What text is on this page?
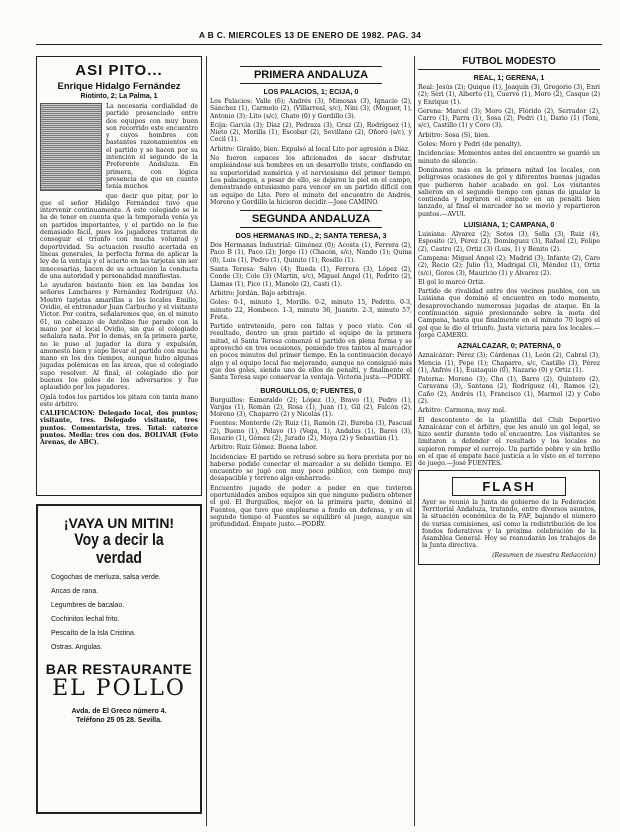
A B C. MIERCOLES 13 DE ENERO DE 1982. PAG. 34
ASI PITO...
Enrique Hidalgo Fernández
Riotinto, 2; La Palma, 1

La necesaria cordialidad de partido presenciado entre dos equipos con muy buen son recorrido este encuentro y cuyos hombres con bastantes razonamientos en el partido y se hacen por su intención el segundo de la Preferente Andaluza. En primera, con lógica presencia de que en cuanto tenía muchos

que decir que pitar, por lo que el señor Hidalgo Fernández tuvo que intervenir continuamente. A este colegiado se le ha de tener en cuenta que la temporada venía ya en partidos importantes, y el partido no le fue demasiado fácil, pues los jugadores trataron de conseguir el triunfo con mucha voluntad y deportividad. Su actuación resultó acertada en líneas generales, la perfecta forma de aplicar la ley de la ventaja y el acierto en las tarjetas sin ser innecesarias, hacen de su actuación la conducta de una autoridad y personalidad manifiestas.

Le ayudaron bastante bien en las bandas los señores Lanchares y Fernández Rodríguez (A). Mostró tarjetas amarillas a los locales Emilio, Ovidio, el entrenador Juan Carbucho y el visitante Victor. Por contra, señalaremos que, en el minuto 61, un cabezazo de Antolino fue parado con la mano por el local Ovidio, sin que el colegiado señalara nada. Por lo demás, en la primera parte, no le puso al jugador la dura y expulsión, amonestó bien y supo llevar el partido con mucha mano en los dos tiempos, aunque hubo algunas jugadas polémicas en las áreas, que el colegiado supo resolver. Al final, el colegiado dio por buenos los goles de los adversarios y fue aplaudido por los jugadores.

Ojalá todos los partidos los pitara con tanta mano este árbitro.

CALIFICACION: Delegado local, dos puntos; visitante, tres. Delegado visitante, tres puntos. Comentarista, tres. Total: catorce puntos. Media: tres con dos. BOLIVAR (Foto Arenas, de ABC).

¡VAYA UN MITIN!
Voy a decir la verdad
Cogochas de merluza, salsa verde.
Ancas de rana.
Legumbres de bacalao.
Cochinitos lechal frito.
Pescaíto de la Isla Cristina.
Ostras. Angulas.
BAR RESTAURANTE
EL POLLO
Avda. de El Greco número 4.
Teléfono 25 05 28. Sevilla.
PRIMERA ANDALUZA
LOS PALACIOS, 1; ECIJA, 0

Los Palacios: Valle (6); Andrés (3), Mimosas (3), Ignacio (2), Sánchez (1), Carmelo (2), (Villarreal, s/c), Nini (3), (Moguer, 1), Antonio (3); Lito (s/c), Chato (0) y Gordillo (3).

Ecija: García (3); Díaz (2), Pedraza (3), Cruz (2), Rodríguez (1), Nieto (2), Morilla (1), Escobar (2), Sevillano (2), Oñoro (s/c), y Cecil (1).

Arbitro: Giraldo, bien. Expulsó al local Lito por agresión a Díaz.

No fueron capaces los aficionados de sacar disfrutar, empleándose sus hombres en un desarrollo triste, confiando en su superioridad numérica y el nerviosismo del primer tiempo. Los palaciegos, a pesar de ello, se dejaron la piel en el campo, demostrando entusiasmo para vencer en un partido difícil con un equipo de Lito. Pero el minuto del encuentro de Andrés, Moreno y Gordillo la hicieron decidir.—Jose CAMINO.

SEGUNDA ANDALUZA
DOS HERMANAS IND., 2; SANTA TERESA, 3

Dos Hermanas Industrial: Giménez (0); Acosta (1), Ferrera (2), Paco B (1), Paco (2); Jorge (1) (Chacón, s/c), Nando (1); Quina (0), Luis (1), Pedro (1), Quinito (1), Rosillo (1).

Santa Teresa: Salvo (4); Rueda (1), Ferrera (3), López (2), Conde (3); Cole (3) (Martín, s/c), Miguel Angel (1), Pedrito (2), Llamas (1), Pico (1), Manolo (2), Casti (1).

Arbitro: Jordán. Bajo arbitraje.

Goles: 0-1, minuto 1, Morillo. 0-2, minuto 15, Pedrito. 0-3, minuto 22, Hombeco. 1-3, minuto 36, Juanito. 2-3, minuto 57, Freta.

Partido entretenido, pero con faltas y poco visto. Con el resultado, dentro un gran partido el equipo de la primera mitad, el Santa Teresa comenzó el partido en plena forma y se aprovechó en tres ocasiones, poniendo tres tantos al marcador en pocos minutos del primer tiempo. En la continuación decayó algo y el equipo local fue mejorando, aunque no consiguió más que dos goles, siendo uno de ellos de penalti, y finalmente el Santa Teresa supo conservar la ventaja. Victoria justa.—PODRY.

BURGUILLOS, 0; FUENTES, 0

Burguillos: Esmeraldo (2); López (1), Bravo (1), Pedro (1), Vargas (1), Román (2), Rosa (1), Juan (1), Gil (2), Falcón (2), Moreno (3), Chaparro (2) y Nicolás (1).

Fuentes: Monterde (2); Ruiz (1), Ramón (2), Bureba (3), Pascual (2), Bueno (1), Pelayo (1) (Vega, 1), Andalus (1), Bares (3), Rosario (1), Gómez (2), Jurado (2), Moya (2) y Sebastián (1).

Arbitro: Ruiz Gómez. Buena labor.

Incidencias: El partido se retrasó sobre su hora prevista por no haberse podido conectar el marcador a su debido tiempo. El encuentro se jugó con muy poco público, con tiempo muy desapacible y terreno algo embarrado.

Encuentro jugado de poder a poder en que tuvieron oportunidades ambos equipos sin que ninguno pudiera obtener el gol. El Burguillos, mejor en la primera parte, dominó al Fuentes, que tuvo que emplearse a fondo en defensa, y en el segundo tiempo el Fuentes se equilibró el juego, aunque sin profundidad. Empate justo.—PODRY.

FUTBOL MODESTO
REAL, 1; GERENA, 1

Real: Jesús (2); Quique (1), Joaquín (3), Gregorio (3), Enri (2); Seri (1), Alberto (1), Cuervo (1), Moro (2), Casque (2) y Enrique (1).

Gerena: Marcel (3); Moro (2), Flórido (2), Serrador (2), Carro (1), Parra (1), Sosa (2), Pedri (1), Dario (1) (Toni, s/c), Castillo (1) y Coro (3).

Arbitro: Sosa (S), bien.

Goles: Moro y Pedri (de penalty).

Incidencias: Momentos antes del encuentro se guardó un minuto de silencio.

Dominaron más en la primera mitad los locales, con peligrosas ocasiones de gol y diferentes buenas jugadas que pudieron haber acabado en gol. Los visitantes salieron en el segundo tiempo con ganas de igualar la contienda y lograron el empate en un penalti bien lanzado, al final el marcador no se movió y repartieron puntos.—AVUI.

LUISIANA, 1; CAMPANA, 0

Luisiana: Alvarez (2); Sotos (3), Sella (3), Ruiz (4), Esposito (2), Pérez (2), Domínguez (3), Rafael (2), Felipe (2), Castro (2), Ortiz (3) (Luis, 1) y Benito (2).

Campana: Miguel Angel (2); Madrid (3), Infante (2), Caro (2), Recio (2); Julio (1), Madrigal (3), Méndez (1), Ortiz (s/c), Goros (3), Mauricio (1) y Alvarez (2).

El gol lo marcó Ortiz.

Partido de rivalidad entre dos vecinos pueblos, con un Luisiana que dominó el encuentro en todo momento, desaprovechando numerosas jugadas de ataque. En la continuación siguió presionando sobre la meta del Campana, hasta que finalmente en el minuto 70 logró el gol que le dio el triunfo. Justa victoria para los locales.—Jorge CAMERO.

AZNALCAZAR, 0; PATERNA, 0

Aznalcázar: Pérez (3); Cárdenas (1), León (2), Cabral (3), Mencia (1), Pepe (1); Chaparro, s/c, Castillo (3), Pérez (1), Anfrés (1), Eustaquio (0), Nazario (0) y Ortiz (1).

Paterna: Moreno (3); Cho (1), Barro (2), Quintero (2), Caravana (3), Santana (2), Rodríguez (4), Ramos (2), Caño (2), Andrés (1), Francisco (1), Marmol (2) y Cobo (2).

Arbitro: Carmona, muy mal.

El descontento de la plantilla del Club Deportivo Aznalcázar con el árbitro, que les anuló un gol legal, se hizo sentir durante todo el encuentro. Los visitantes se limitaron a defender el resultado y los locales no supieron romper el cerrojo. Un partido pobre y sin brillo en el que el empate hace justicia a lo visto en el terreno de juego.—José FUENTES.

FLASH

Ayer se reunió la Junta de gobierno de la Federación Territorial Andaluza, tratando, entre diversos asuntos, la situación económica de la FAF, bajando el número de varias comisiones, así como la redistribución de los fondos federativos y la próxima celebración de la Asamblea General. Hoy se reanudarán los trabajos de la Junta directiva.

(Resumen de nuestra Redacción)
